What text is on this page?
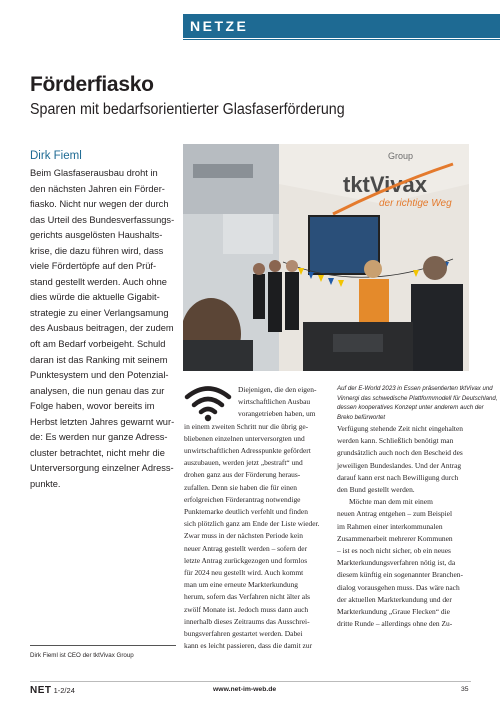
NETZE
Förderfiasko
Sparen mit bedarfsorientierter Glasfaserförderung
Dirk Fieml
Beim Glasfaserausbau droht in
den nächsten Jahren ein Förder-
fiasko. Nicht nur wegen der durch
das Urteil des Bundesverfassungs-
gerichts ausgelösten Haushalts-
krise, die dazu führen wird, dass
viele Fördertöpfe auf den Prüf-
stand gestellt werden. Auch ohne
dies würde die aktuelle Gigabit-
strategie zu einer Verlangsamung
des Ausbaus beitragen, der zudem
oft am Bedarf vorbeigeht. Schuld
daran ist das Ranking mit seinem
Punktesystem und den Potenzial-
analysen, die nun genau das zur
Folge haben, wovor bereits im
Herbst letzten Jahres gewarnt wur-
de: Es werden nur ganze Adress-
cluster betrachtet, nicht mehr die
Unterversorgung einzelner Adress-
punkte.
Dirk Fieml ist CEO der tktVivax Group
Group
tktVivax
der richtige Weg
Diejenigen, die den eigen-
wirtschaftlichen Ausbau
vorangetrieben haben, um
in einem zweiten Schritt nur die übrig ge-
bliebenen einzelnen unterversorgten und
unwirtschaftlichen Adresspunkte gefördert
auszubauen, werden jetzt „bestraft“ und
drohen ganz aus der Förderung heraus-
zufallen. Denn sie haben die für einen
erfolgreichen Förderantrag notwendige
Punktemarke deutlich verfehlt und finden
sich plötzlich ganz am Ende der Liste wieder.
Zwar muss in der nächsten Periode kein
neuer Antrag gestellt werden – sofern der
letzte Antrag zurückgezogen und formlos
für 2024 neu gestellt wird. Auch kommt
man um eine erneute Markterkundung
herum, sofern das Verfahren nicht älter als
zwölf Monate ist. Jedoch muss dann auch
innerhalb dieses Zeitraums das Ausschrei-
bungsverfahren gestartet werden. Dabei
kann es leicht passieren, dass die damit zur
Auf der E-World 2023 in Essen präsentierten tktVivax und
Vinnergi das schwedische Plattformmodell für Deutschland,
dessen kooperatives Konzept unter anderem auch der
Breko befürwortet
Verfügung stehende Zeit nicht eingehalten
werden kann. Schließlich benötigt man
grundsätzlich auch noch den Bescheid des
jeweiligen Bundeslandes. Und der Antrag
darauf kann erst nach Bewilligung durch
den Bund gestellt werden.
Möchte man dem mit einem
neuen Antrag entgehen – zum Beispiel
im Rahmen einer interkommunalen
Zusammenarbeit mehrerer Kommunen
– ist es noch nicht sicher, ob ein neues
Markterkundungsverfahren nötig ist, da
diesem künftig ein sogenannter Branchen-
dialog vorausgehen muss. Das wäre nach
der aktuellen Markterkundung und der
Markterkundung „Graue Flecken“ die
dritte Runde – allerdings ohne den Zu-
NET 1-2/24	www.net-im-web.de	35
